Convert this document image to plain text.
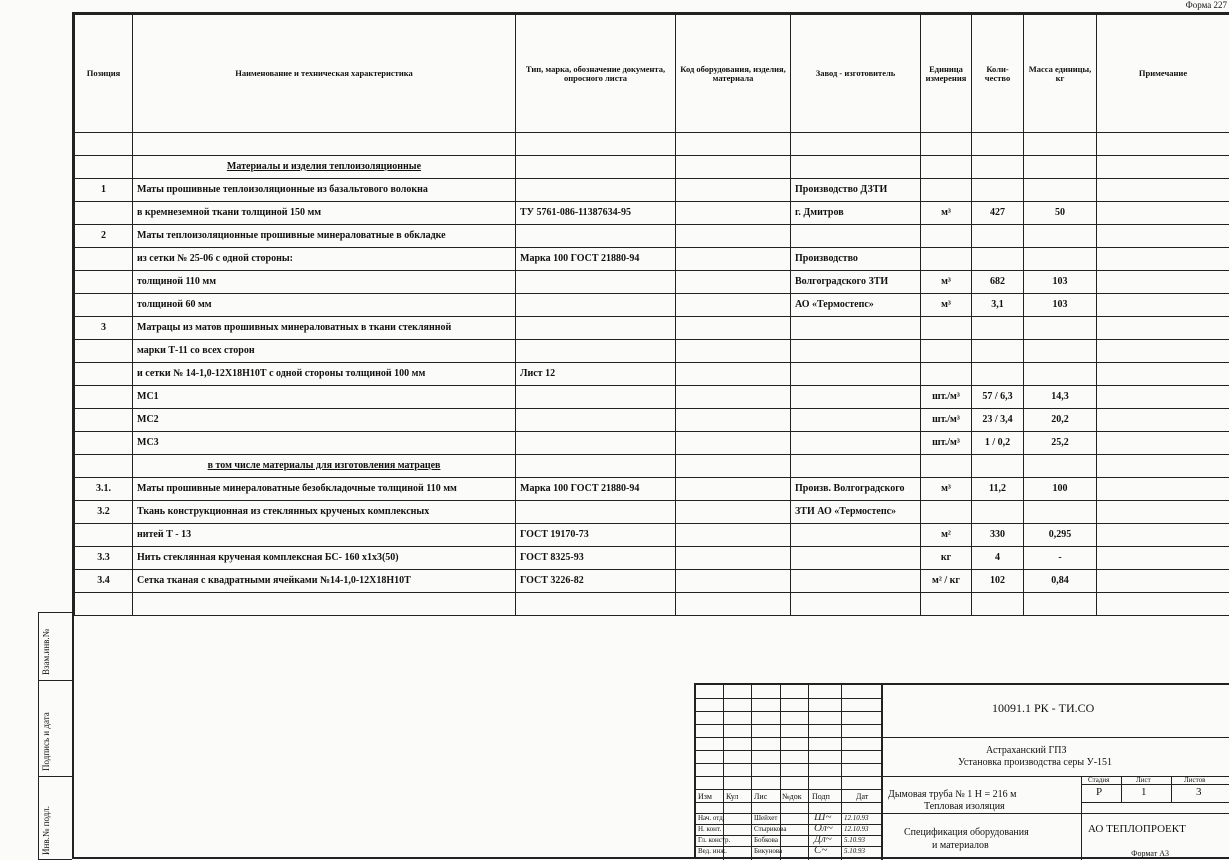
Форма 227
Позиция	Наименование и техническая характеристика	Тип, марка, обозначение документа, опросного листа	Код оборудования, изделия, материала	Завод - изготовитель	Единица измерения	Коли-чество	Масса единицы, кг	Примечание

	Материалы и изделия теплоизоляционные							
1	Маты прошивные теплоизоляционные из базальтового волокна			Производство ДЗТИ				
	в кремнеземной ткани толщиной 150 мм	ТУ 5761-086-11387634-95		г. Дмитров	м³	427	50	
2	Маты теплоизоляционные прошивные минераловатные в обкладке							
	из сетки № 25-06 с одной стороны:	Марка 100 ГОСТ 21880-94		Производство				
	толщиной 110 мм			Волгоградского ЗТИ	м³	682	103	
	толщиной 60 мм			АО «Термостепс»	м³	3,1	103	
3	Матрацы из матов прошивных минераловатных в ткани стеклянной							
	марки Т-11 со всех сторон							
	и сетки № 14-1,0-12Х18Н10Т с одной стороны толщиной 100 мм	Лист 12						
	МС1				шт./м³	57 / 6,3	14,3	
	МС2				шт./м³	23 / 3,4	20,2	
	МС3				шт./м³	1 / 0,2	25,2	
	в том числе материалы для изготовления матрацев							
3.1.	Маты прошивные минераловатные безобкладочные толщиной 110 мм	Марка 100 ГОСТ 21880-94		Произв. Волгоградского	м³	11,2	100	
3.2	Ткань конструкционная из стеклянных крученых комплексных			ЗТИ АО «Термостепс»				
	нитей Т - 13	ГОСТ 19170-73			м²	330	0,295	
3.3	Нить стеклянная крученая комплексная БС- 160 х1х3(50)	ГОСТ 8325-93			кг	4	-	
3.4	Сетка тканая с квадратными ячейками №14-1,0-12Х18Н10Т	ГОСТ 3226-82			м² / кг	102	0,84	

Взам.инв.№
Подпись и дата
Инв.№ подл.
Изм Кул Лис №док Подп	Дат
Нач. отд.
Н. конт.
Гл. констр.
Вед. инж.
Шейхет
Стырикова
Бобкова
Бикунова
Ш~
Ол~
Дл~
С~
12.10.93
12.10.93
5.10.93
5.10.93
10091.1 РК - ТИ.СО
Астраханский ГПЗ
Установка производства серы У-151
Дымовая труба № 1 Н = 216 м
Тепловая изоляция
Спецификация оборудования
и материалов
АО ТЕПЛОПРОЕКТ
Стадия	Лист	Листов
Р	1	3
Формат А3
